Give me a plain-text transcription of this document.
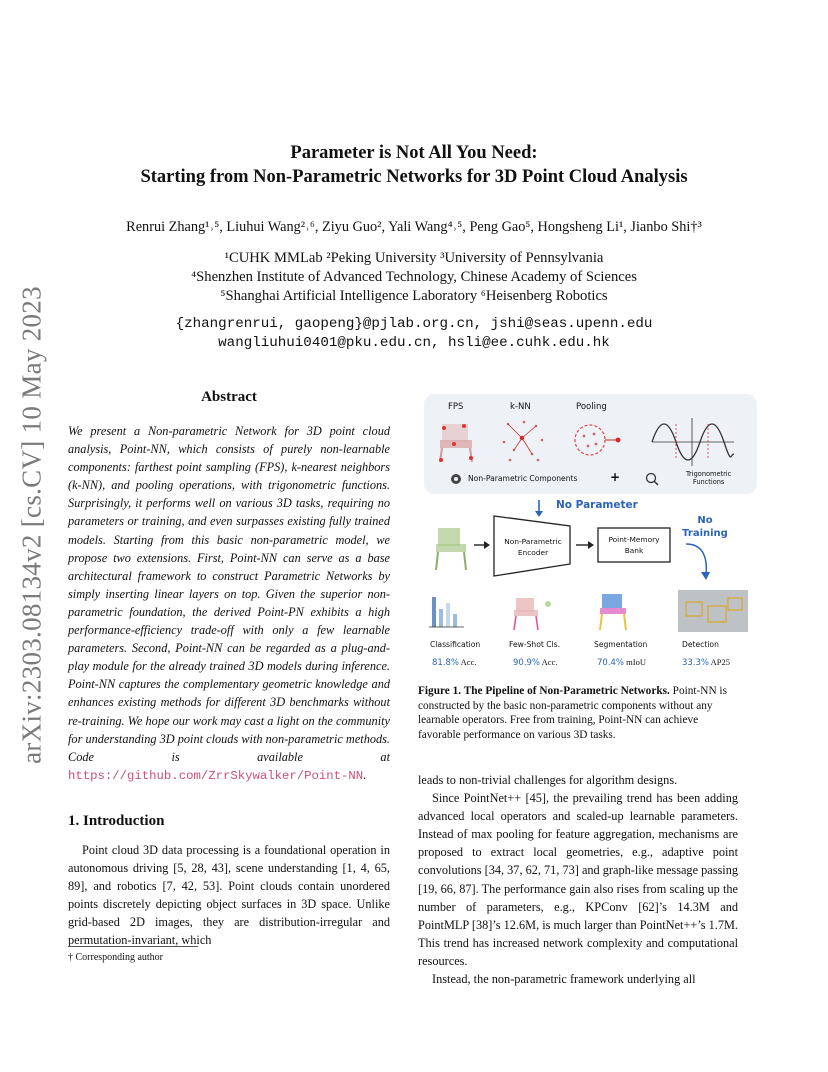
arXiv:2303.08134v2 [cs.CV] 10 May 2023
Parameter is Not All You Need:
Starting from Non-Parametric Networks for 3D Point Cloud Analysis
Renrui Zhang¹˒⁵, Liuhui Wang²˒⁶, Ziyu Guo², Yali Wang⁴˒⁵, Peng Gao⁵, Hongsheng Li¹, Jianbo Shi†³
¹CUHK MMLab ²Peking University ³University of Pennsylvania
⁴Shenzhen Institute of Advanced Technology, Chinese Academy of Sciences
⁵Shanghai Artificial Intelligence Laboratory ⁶Heisenberg Robotics
{zhangrenrui, gaopeng}@pjlab.org.cn, jshi@seas.upenn.edu
wangliuhui0401@pku.edu.cn, hsli@ee.cuhk.edu.hk
Abstract
We present a Non-parametric Network for 3D point cloud analysis, Point-NN, which consists of purely non-learnable components: farthest point sampling (FPS), k-nearest neighbors (k-NN), and pooling operations, with trigonometric functions. Surprisingly, it performs well on various 3D tasks, requiring no parameters or training, and even surpasses existing fully trained models. Starting from this basic non-parametric model, we propose two extensions. First, Point-NN can serve as a base architectural framework to construct Parametric Networks by simply inserting linear layers on top. Given the superior non-parametric foundation, the derived Point-PN exhibits a high performance-efficiency trade-off with only a few learnable parameters. Second, Point-NN can be regarded as a plug-and-play module for the already trained 3D models during inference. Point-NN captures the complementary geometric knowledge and enhances existing methods for different 3D benchmarks without re-training. We hope our work may cast a light on the community for understanding 3D point clouds with non-parametric methods. Code is available at https://github.com/ZrrSkywalker/Point-NN.
1. Introduction
Point cloud 3D data processing is a foundational operation in autonomous driving [5, 28, 43], scene understanding [1, 4, 65, 89], and robotics [7, 42, 53]. Point clouds contain unordered points discretely depicting object surfaces in 3D space. Unlike grid-based 2D images, they are distribution-irregular and permutation-invariant, which
† Corresponding author
FPS	k-NN	Pooling
Non-Parametric Components	+	Trigonometric
Functions
No Parameter
Non-Parametric
Encoder
Point-Memory
Bank
No
Training
Classification	Few-Shot Cls.	Segmentation	Detection
81.8% Acc.	90.9% Acc.	70.4% mIoU	33.3% AP25
Figure 1. The Pipeline of Non-Parametric Networks. Point-NN is constructed by the basic non-parametric components without any learnable operators. Free from training, Point-NN can achieve favorable performance on various 3D tasks.

leads to non-trivial challenges for algorithm designs.

Since PointNet++ [45], the prevailing trend has been adding advanced local operators and scaled-up learnable parameters. Instead of max pooling for feature aggregation, mechanisms are proposed to extract local geometries, e.g., adaptive point convolutions [34, 37, 62, 71, 73] and graph-like message passing [19, 66, 87]. The performance gain also rises from scaling up the number of parameters, e.g., KPConv [62]’s 14.3M and PointMLP [38]’s 12.6M, is much larger than PointNet++’s 1.7M. This trend has increased network complexity and computational resources.

Instead, the non-parametric framework underlying all
